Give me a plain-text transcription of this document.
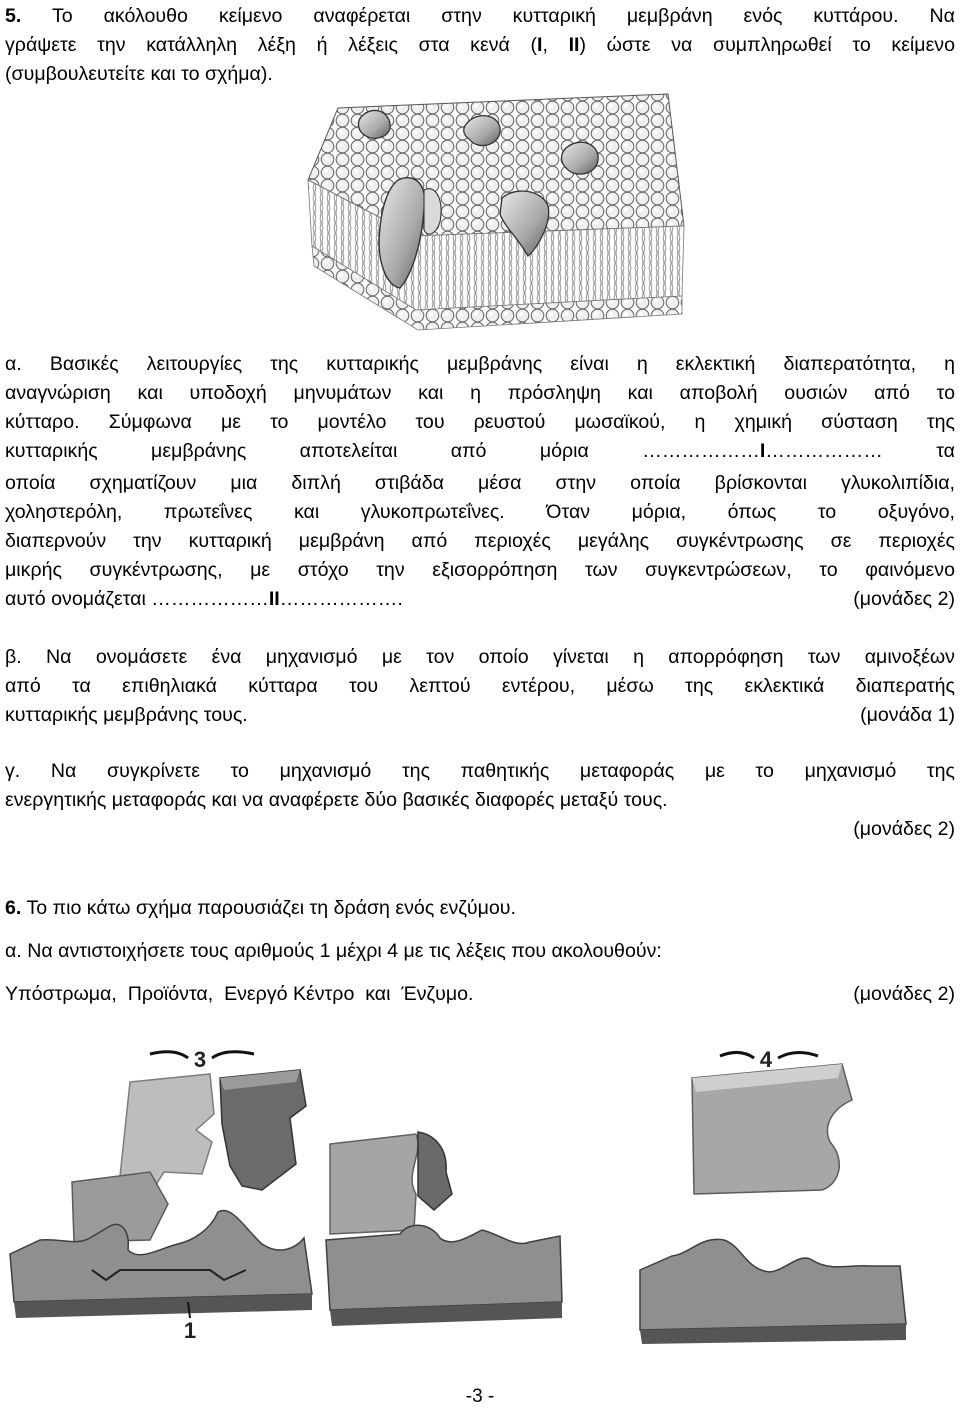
5. Το ακόλουθο κείμενο αναφέρεται στην κυτταρική μεμβράνη ενός κυττάρου. Να

γράψετε την κατάλληλη λέξη ή λέξεις στα κενά (I, II) ώστε να συμπληρωθεί το κείμενο

(συμβουλευτείτε και το σχήμα).

α. Βασικές λειτουργίες της κυτταρικής μεμβράνης είναι η εκλεκτική διαπερατότητα, η

αναγνώριση και υποδοχή μηνυμάτων και η πρόσληψη και αποβολή ουσιών από το

κύτταρο. Σύμφωνα με το μοντέλο του ρευστού μωσαϊκού, η χημική σύσταση της

κυτταρικής μεμβράνης αποτελείται από μόρια ………………I……………… τα

οποία σχηματίζουν μια διπλή στιβάδα μέσα στην οποία βρίσκονται γλυκολιπίδια,

χοληστερόλη, πρωτεΐνες και γλυκοπρωτεΐνες. Όταν μόρια, όπως το οξυγόνο,

διαπερνούν την κυτταρική μεμβράνη από περιοχές μεγάλης συγκέντρωσης σε περιοχές

μικρής συγκέντρωσης, με στόχο την εξισορρόπηση των συγκεντρώσεων, το φαινόμενο

αυτό ονομάζεται ………………II……………….	(μονάδες 2)

β. Να ονομάσετε ένα μηχανισμό με τον οποίο γίνεται η απορρόφηση των αμινοξέων

από τα επιθηλιακά κύτταρα του λεπτού εντέρου, μέσω της εκλεκτικά διαπερατής

κυτταρικής μεμβράνης τους.	(μονάδα 1)

γ. Να συγκρίνετε το μηχανισμό της παθητικής μεταφοράς με το μηχανισμό της

ενεργητικής μεταφοράς και να αναφέρετε δύο βασικές διαφορές μεταξύ τους.

(μονάδες 2)

6. Το πιο κάτω σχήμα παρουσιάζει τη δράση ενός ενζύμου.

α. Να αντιστοιχήσετε τους αριθμούς 1 μέχρι 4 με τις λέξεις που ακολουθούν:

Υπόστρωμα,  Προϊόντα,  Ενεργό Κέντρο  και  Ένζυμο.	(μονάδες 2)

3
1
4
-3 -
